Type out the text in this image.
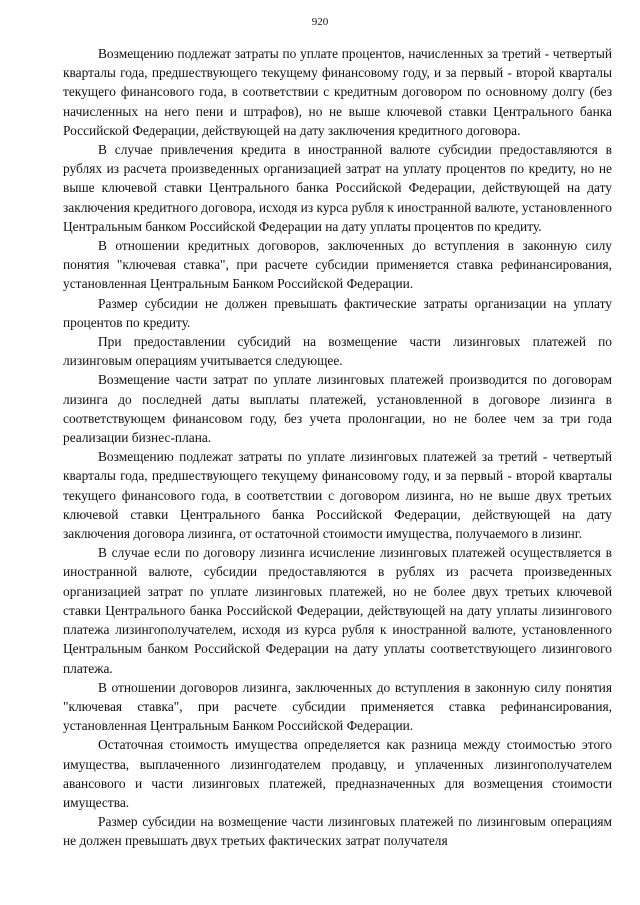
920

Возмещению подлежат затраты по уплате процентов, начисленных за третий - четвертый кварталы года, предшествующего текущему финансовому году, и за первый - второй кварталы текущего финансового года, в соответствии с кредитным договором по основному долгу (без начисленных на него пени и штрафов), но не выше ключевой ставки Центрального банка Российской Федерации, действующей на дату заключения кредитного договора.

В случае привлечения кредита в иностранной валюте субсидии предоставляются в рублях из расчета произведенных организацией затрат на уплату процентов по кредиту, но не выше ключевой ставки Центрального банка Российской Федерации, действующей на дату заключения кредитного договора, исходя из курса рубля к иностранной валюте, установленного Центральным банком Российской Федерации на дату уплаты процентов по кредиту.

В отношении кредитных договоров, заключенных до вступления в законную силу понятия "ключевая ставка", при расчете субсидии применяется ставка рефинансирования, установленная Центральным Банком Российской Федерации.

Размер субсидии не должен превышать фактические затраты организации на уплату процентов по кредиту.

При предоставлении субсидий на возмещение части лизинговых платежей по лизинговым операциям учитывается следующее.

Возмещение части затрат по уплате лизинговых платежей производится по договорам лизинга до последней даты выплаты платежей, установленной в договоре лизинга в соответствующем финансовом году, без учета пролонгации, но не более чем за три года реализации бизнес-плана.

Возмещению подлежат затраты по уплате лизинговых платежей за третий - четвертый кварталы года, предшествующего текущему финансовому году, и за первый - второй кварталы текущего финансового года, в соответствии с договором лизинга, но не выше двух третьих ключевой ставки Центрального банка Российской Федерации, действующей на дату заключения договора лизинга, от остаточной стоимости имущества, получаемого в лизинг.

В случае если по договору лизинга исчисление лизинговых платежей осуществляется в иностранной валюте, субсидии предоставляются в рублях из расчета произведенных организацией затрат по уплате лизинговых платежей, но не более двух третьих ключевой ставки Центрального банка Российской Федерации, действующей на дату уплаты лизингового платежа лизингополучателем, исходя из курса рубля к иностранной валюте, установленного Центральным банком Российской Федерации на дату уплаты соответствующего лизингового платежа.

В отношении договоров лизинга, заключенных до вступления в законную силу понятия "ключевая ставка", при расчете субсидии применяется ставка рефинансирования, установленная Центральным Банком Российской Федерации.

Остаточная стоимость имущества определяется как разница между стоимостью этого имущества, выплаченного лизингодателем продавцу, и уплаченных лизингополучателем авансового и части лизинговых платежей, предназначенных для возмещения стоимости имущества.

Размер субсидии на возмещение части лизинговых платежей по лизинговым операциям не должен превышать двух третьих фактических затрат получателя
